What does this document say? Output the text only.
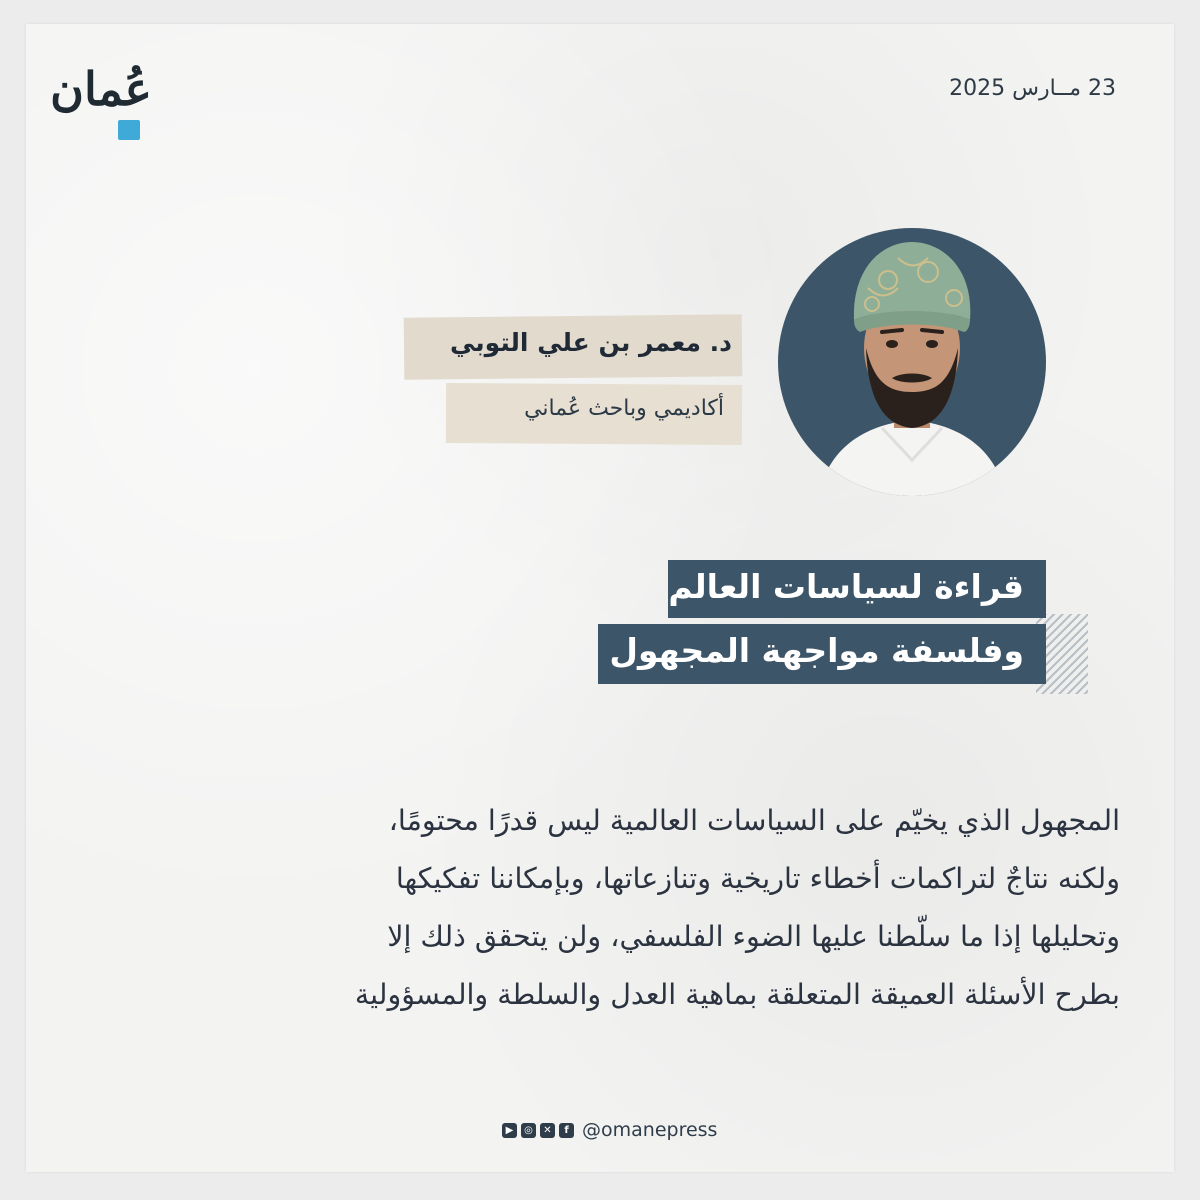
عُمان	23 مــارس 2025
د. معمر بن علي التوبي
أكاديمي وباحث عُماني
قراءة لسياسات العالم
وفلسفة مواجهة المجهول
المجهول الذي يخيّم على السياسات العالمية ليس قدرًا محتومًا،
ولكنه نتاجٌ لتراكمات أخطاء تاريخية وتنازعاتها، وبإمكاننا تفكيكها
وتحليلها إذا ما سلّطنا عليها الضوء الفلسفي، ولن يتحقق ذلك إلا
بطرح الأسئلة العميقة المتعلقة بماهية العدل والسلطة والمسؤولية
▶	◎	✕	f @omanepress
